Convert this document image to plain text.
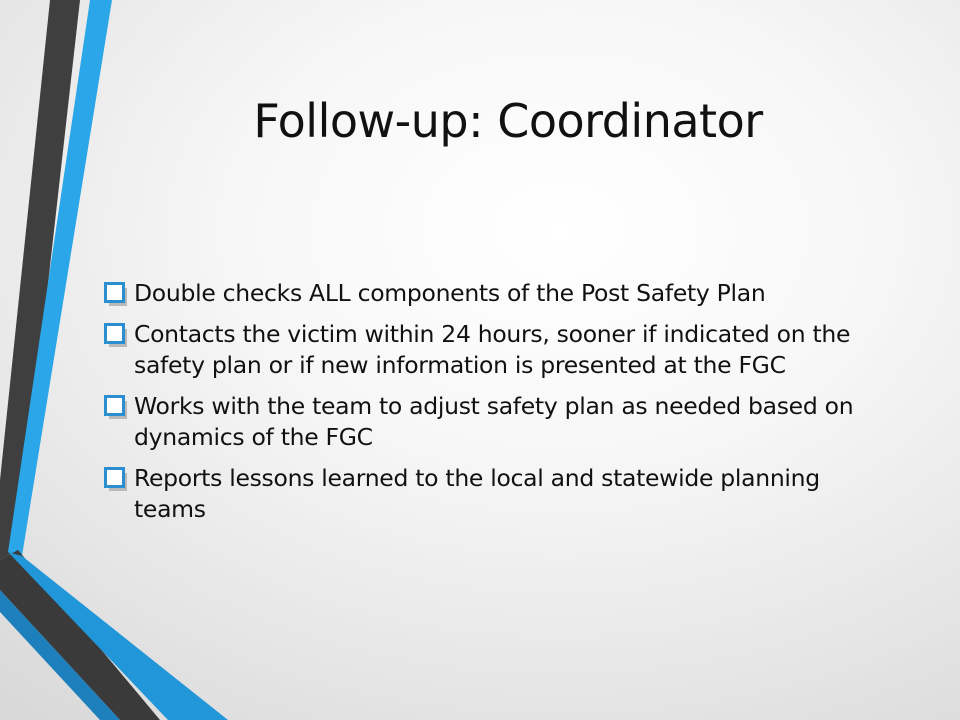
Follow-up: Coordinator
Double checks ALL components of the Post Safety Plan
Contacts the victim within 24 hours, sooner if indicated on the safety plan or if new information is presented at the FGC
Works with the team to adjust safety plan as needed based on dynamics of the FGC
Reports lessons learned to the local and statewide planning teams
